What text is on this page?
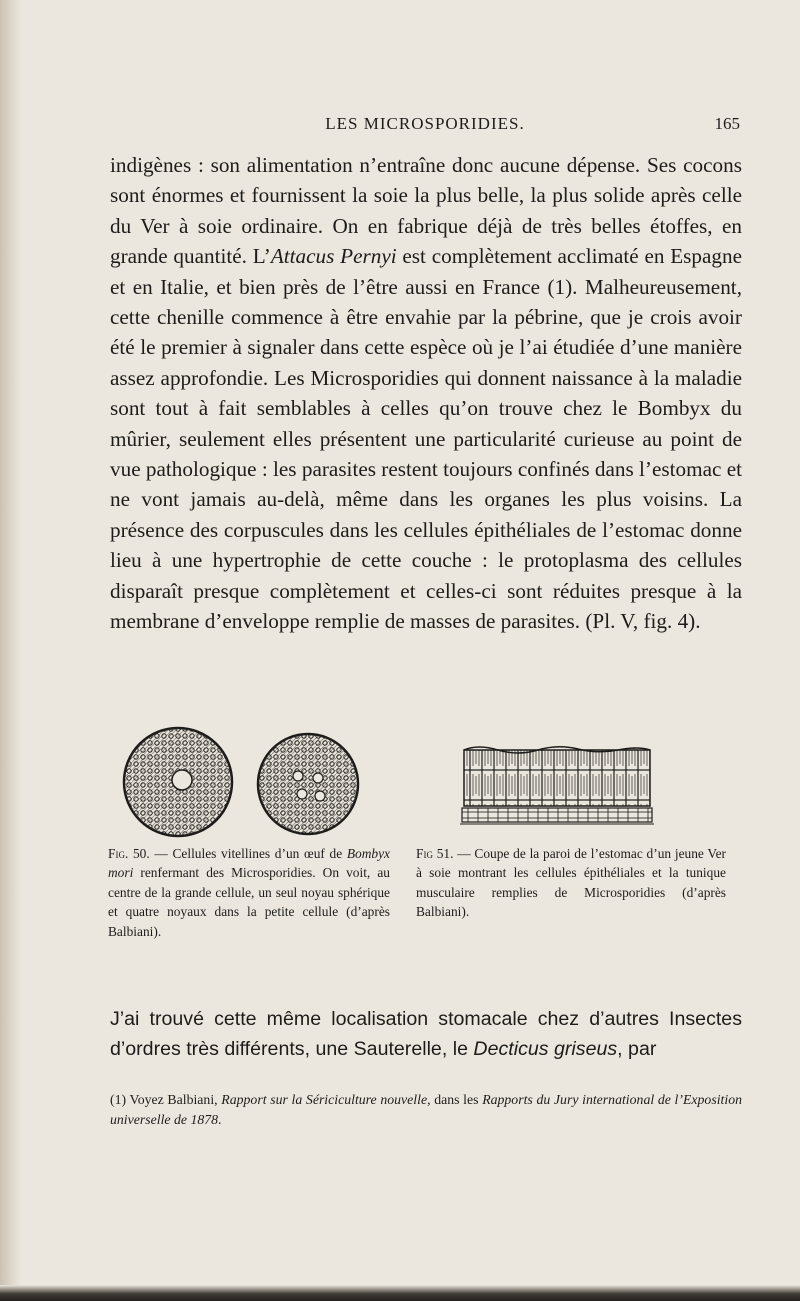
LES MICROSPORIDIES.	165

indigènes : son alimentation n’entraîne donc aucune dépense. Ses cocons sont énormes et fournissent la soie la plus belle, la plus solide après celle du Ver à soie ordinaire. On en fabrique déjà de très belles étoffes, en grande quantité. L’Attacus Pernyi est complètement acclimaté en Espagne et en Italie, et bien près de l’être aussi en France (1). Malheureusement, cette chenille commence à être envahie par la pébrine, que je crois avoir été le premier à signaler dans cette espèce où je l’ai étudiée d’une manière assez approfondie. Les Microsporidies qui donnent naissance à la maladie sont tout à fait semblables à celles qu’on trouve chez le Bombyx du mûrier, seulement elles présentent une particularité curieuse au point de vue pathologique : les parasites restent toujours confinés dans l’estomac et ne vont jamais au-delà, même dans les organes les plus voisins. La présence des corpuscules dans les cellules épithéliales de l’estomac donne lieu à une hypertrophie de cette couche : le protoplasma des cellules disparaît presque complètement et celles-ci sont réduites presque à la membrane d’enveloppe remplie de masses de parasites. (Pl. V, fig. 4).

Fig. 50. — Cellules vitellines d’un œuf de Bombyx mori renfermant des Microsporidies. On voit, au centre de la grande cellule, un seul noyau sphérique et quatre noyaux dans la petite cellule (d’après Balbiani).

Fig 51. — Coupe de la paroi de l’estomac d’un jeune Ver à soie montrant les cellules épithéliales et la tunique musculaire remplies de Microsporidies (d’après Balbiani).

J’ai trouvé cette même localisation stomacale chez d’autres Insectes d’ordres très différents, une Sauterelle, le Decticus griseus, par

(1) Voyez Balbiani, Rapport sur la Sériciculture nouvelle, dans les Rapports du Jury international de l’Exposition universelle de 1878.
